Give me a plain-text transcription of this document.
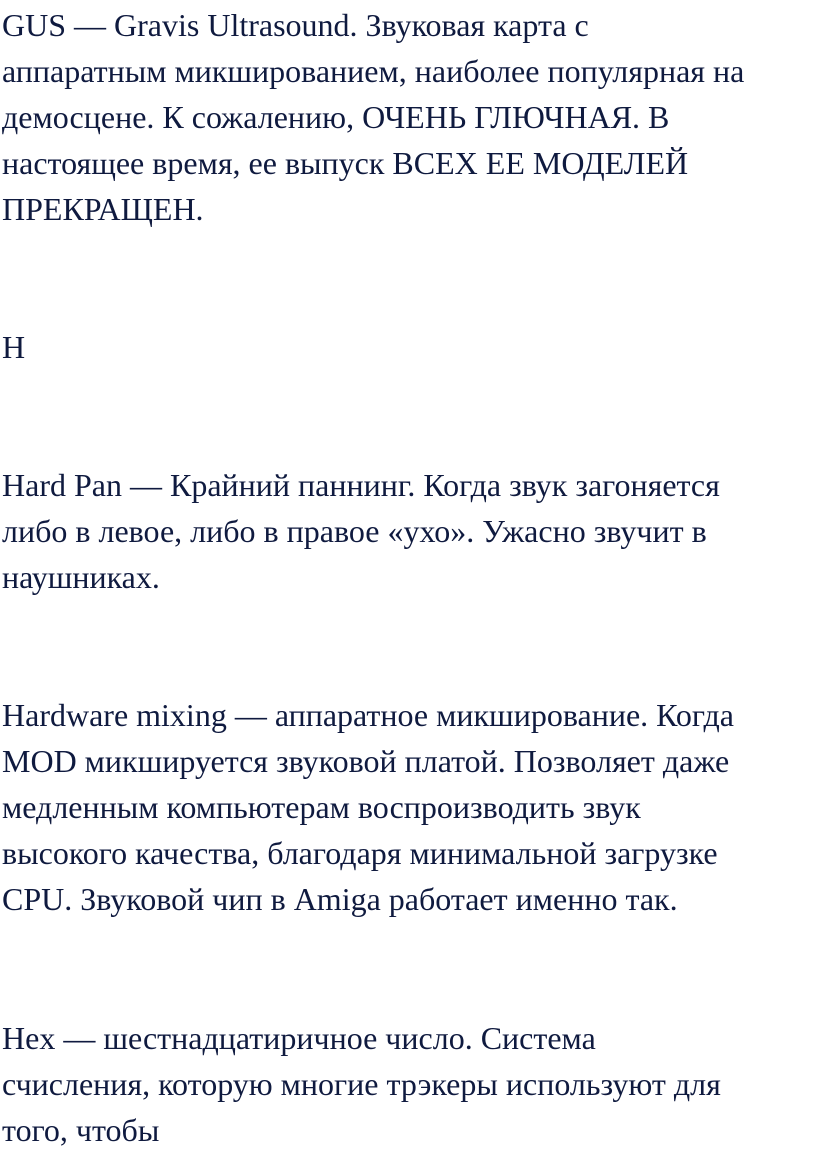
GUS — Gravis Ultrasound. Звуковая карта с
аппаратным микшированием, наиболее популярная на
демосцене. К сожалению, ОЧЕНЬ ГЛЮЧНАЯ. В
настоящее время, ее выпуск ВСЕХ ЕЕ МОДЕЛЕЙ
ПРЕКРАЩЕН.

H

Hard Pan — Крайний паннинг. Когда звук загоняется
либо в левое, либо в правое «ухо». Ужасно звучит в
наушниках.

Hardware mixing — аппаратное микширование. Когда
MOD микшируется звуковой платой. Позволяет даже
медленным компьютерам воспроизводить звук
высокого качества, благодаря минимальной загрузке
CPU. Звуковой чип в Amiga работает именно так.

Hex — шестнадцатиричное число. Система
счисления, которую многие трэкеры используют для
того, чтобы
